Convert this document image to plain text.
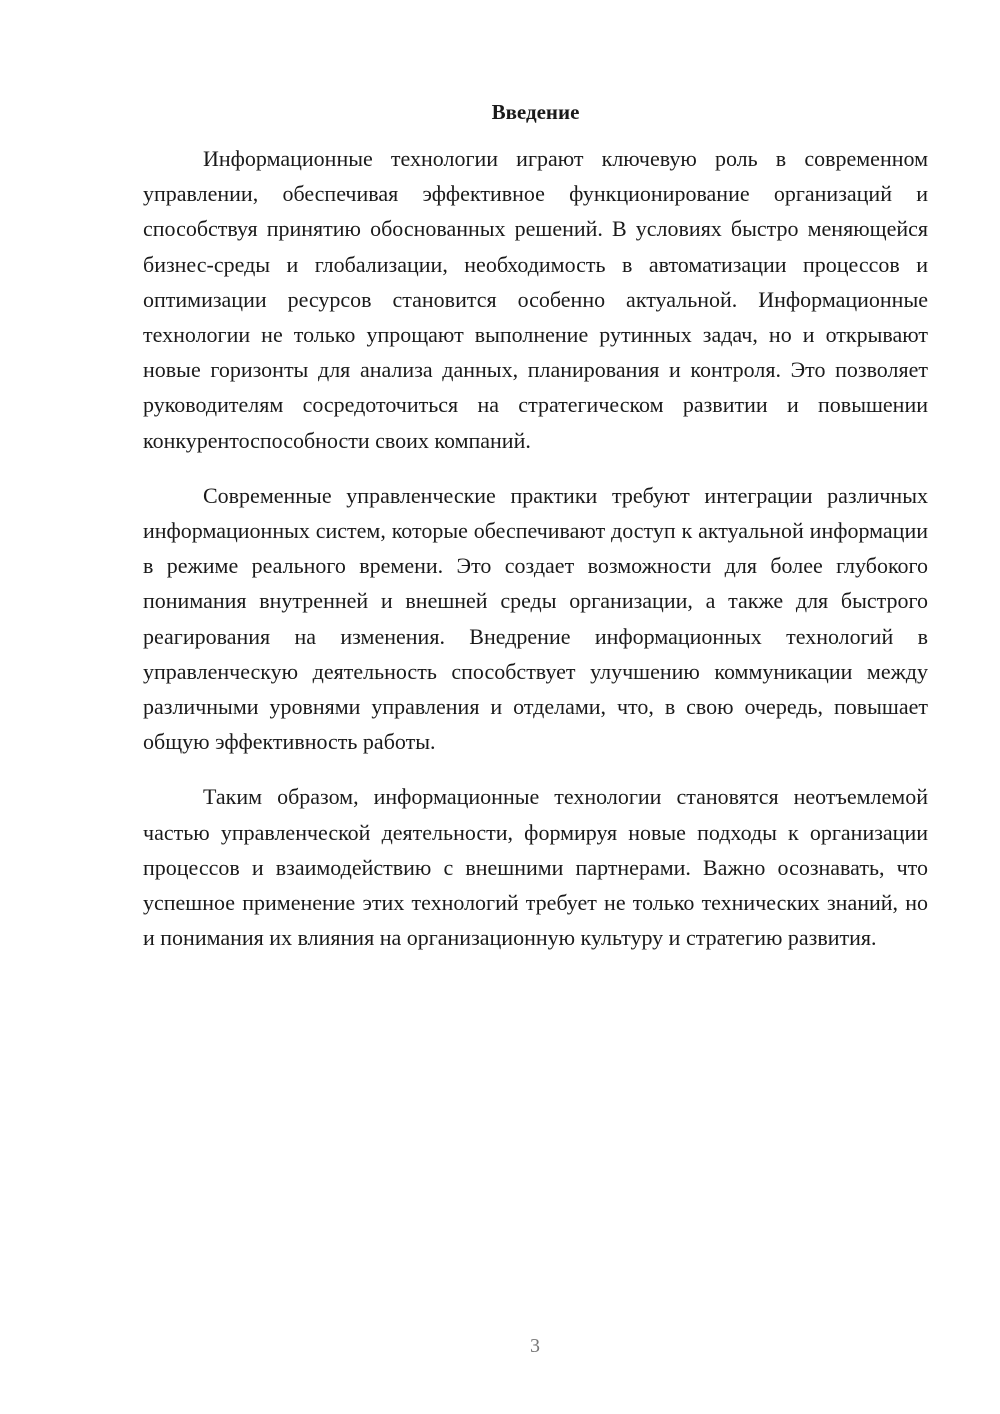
Введение

Информационные технологии играют ключевую роль в современном управлении, обеспечивая эффективное функционирование организаций и способствуя принятию обоснованных решений. В условиях быстро меняющейся бизнес-среды и глобализации, необходимость в автоматизации процессов и оптимизации ресурсов становится особенно актуальной. Информационные технологии не только упрощают выполнение рутинных задач, но и открывают новые горизонты для анализа данных, планирования и контроля. Это позволяет руководителям сосредоточиться на стратегическом развитии и повышении конкурентоспособности своих компаний.

Современные управленческие практики требуют интеграции различных информационных систем, которые обеспечивают доступ к актуальной информации в режиме реального времени. Это создает возможности для более глубокого понимания внутренней и внешней среды организации, а также для быстрого реагирования на изменения. Внедрение информационных технологий в управленческую деятельность способствует улучшению коммуникации между различными уровнями управления и отделами, что, в свою очередь, повышает общую эффективность работы.

Таким образом, информационные технологии становятся неотъемлемой частью управленческой деятельности, формируя новые подходы к организации процессов и взаимодействию с внешними партнерами. Важно осознавать, что успешное применение этих технологий требует не только технических знаний, но и понимания их влияния на организационную культуру и стратегию развития.

3
